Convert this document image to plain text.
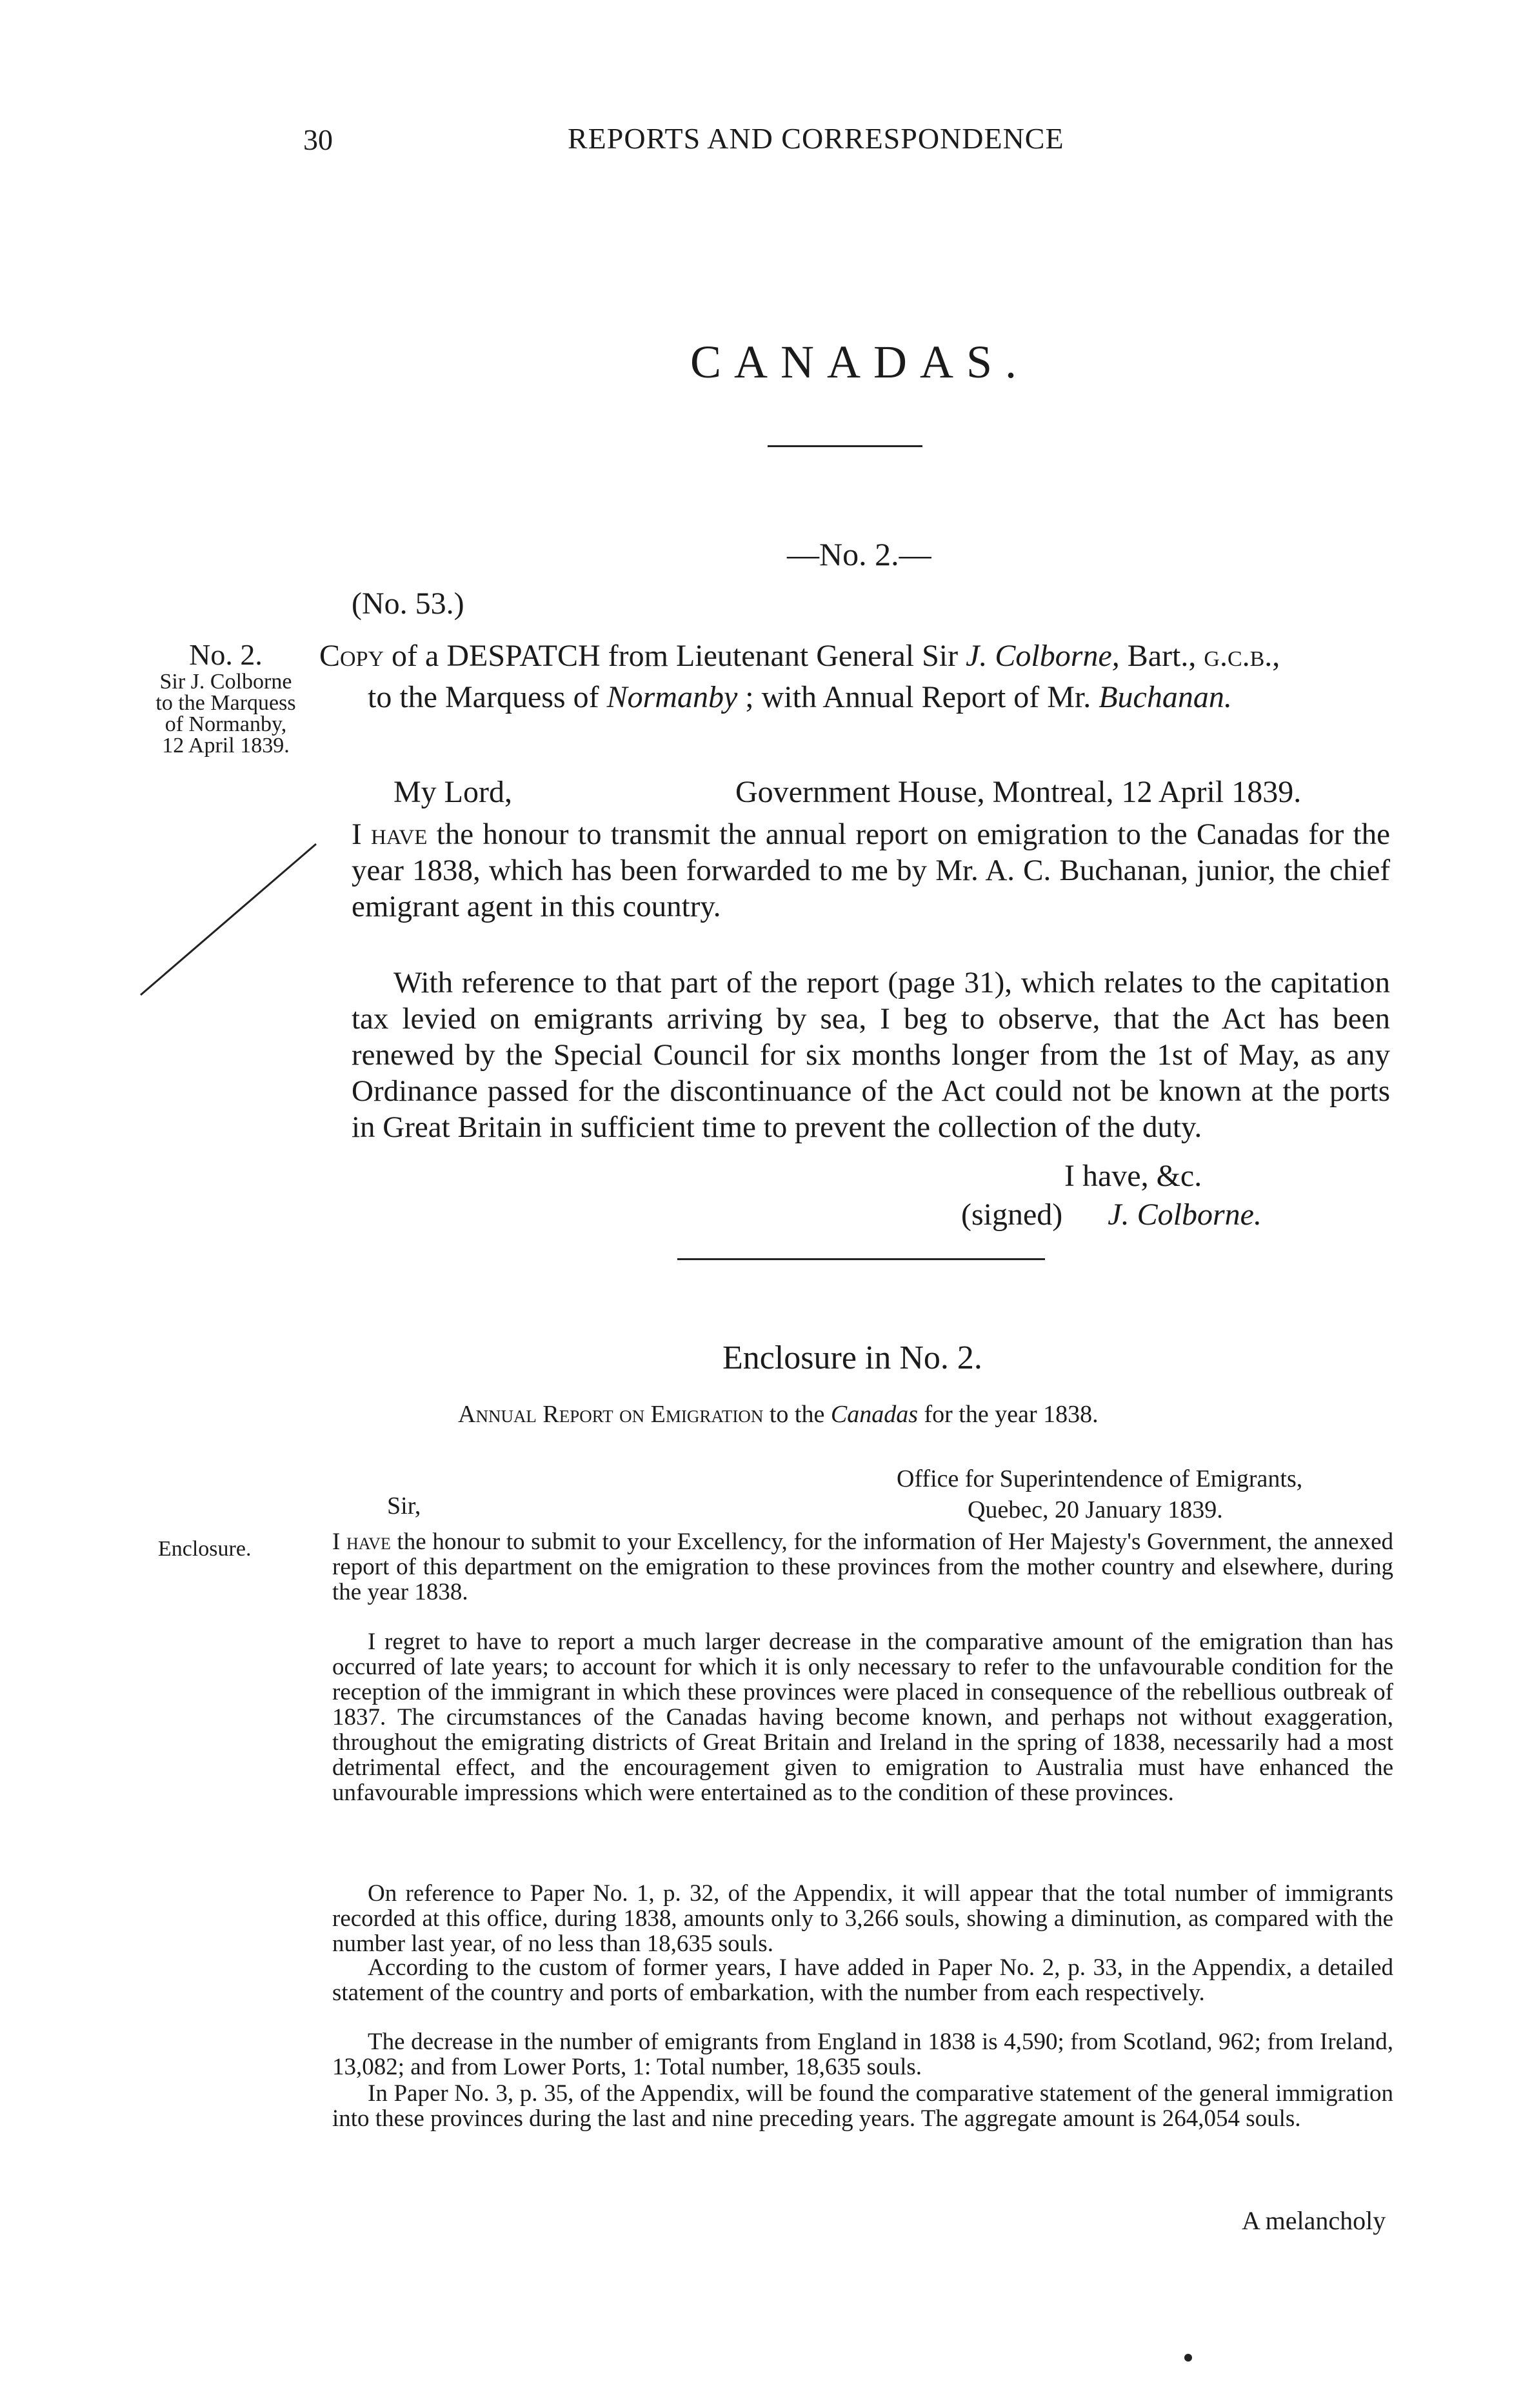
30	REPORTS AND CORRESPONDENCE
CANADAS.
—No. 2.—
(No. 53.)
No. 2.
Sir J. Colborne
to the Marquess
of Normanby,
12 April 1839.
Copy of a DESPATCH from Lieutenant General Sir J. Colborne, Bart., g.c.b.,
to the Marquess of Normanby ; with Annual Report of Mr. Buchanan.
My Lord,	Government House, Montreal, 12 April 1839.

I have the honour to transmit the annual report on emigration to the Canadas for the year 1838, which has been forwarded to me by Mr. A. C. Buchanan, junior, the chief emigrant agent in this country.

With reference to that part of the report (page 31), which relates to the capitation tax levied on emigrants arriving by sea, I beg to observe, that the Act has been renewed by the Special Council for six months longer from the 1st of May, as any Ordinance passed for the discontinuance of the Act could not be known at the ports in Great Britain in sufficient time to prevent the collection of the duty.

I have, &c.
(signed) J. Colborne.
Enclosure in No. 2.
Annual Report on Emigration to the Canadas for the year 1838.
Office for Superintendence of Emigrants,
Quebec, 20 January 1839.
Sir,
Enclosure.	I have the honour to submit to your Excellency, for the information of Her Majesty's Government, the annexed report of this department on the emigration to these provinces from the mother country and elsewhere, during the year 1838.

I regret to have to report a much larger decrease in the comparative amount of the emigration than has occurred of late years; to account for which it is only necessary to refer to the unfavourable condition for the reception of the immigrant in which these provinces were placed in consequence of the rebellious outbreak of 1837. The circumstances of the Canadas having become known, and perhaps not without exaggeration, throughout the emigrating districts of Great Britain and Ireland in the spring of 1838, necessarily had a most detrimental effect, and the encouragement given to emigration to Australia must have enhanced the unfavourable impressions which were entertained as to the condition of these provinces.

On reference to Paper No. 1, p. 32, of the Appendix, it will appear that the total number of immigrants recorded at this office, during 1838, amounts only to 3,266 souls, showing a diminution, as compared with the number last year, of no less than 18,635 souls.

According to the custom of former years, I have added in Paper No. 2, p. 33, in the Appendix, a detailed statement of the country and ports of embarkation, with the number from each respectively.

The decrease in the number of emigrants from England in 1838 is 4,590; from Scotland, 962; from Ireland, 13,082; and from Lower Ports, 1: Total number, 18,635 souls.

In Paper No. 3, p. 35, of the Appendix, will be found the comparative statement of the general immigration into these provinces during the last and nine preceding years. The aggregate amount is 264,054 souls.

A melancholy
